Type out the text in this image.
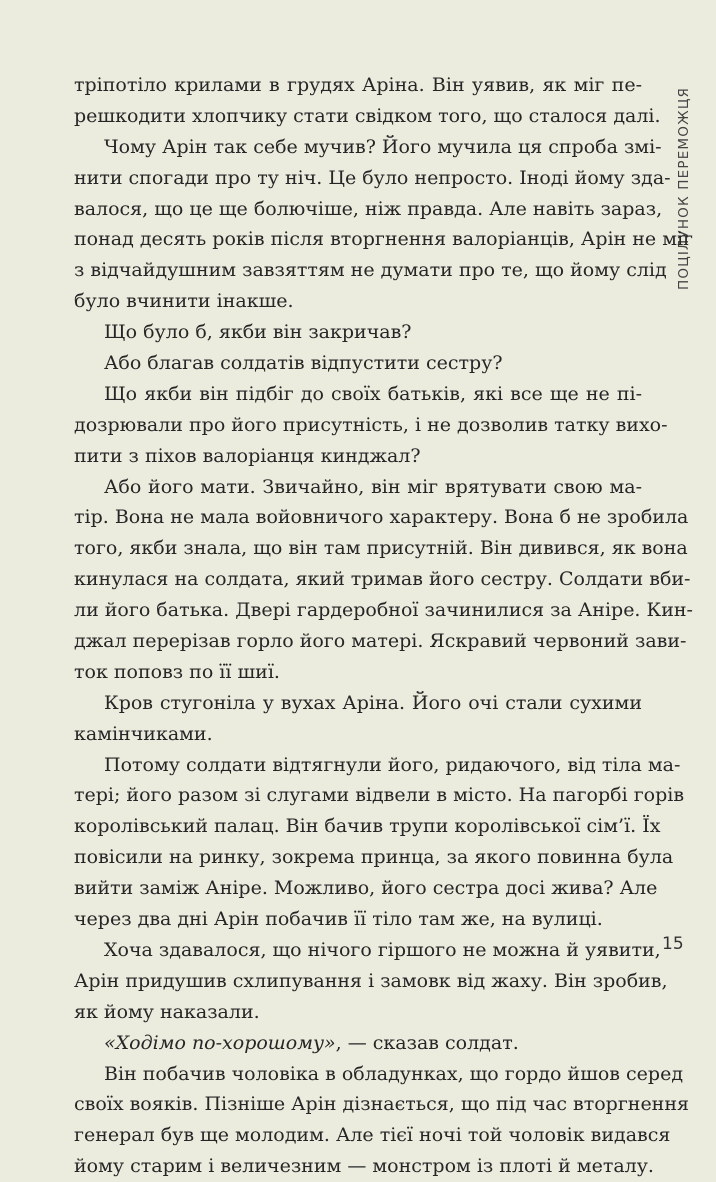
ПОЦІЛУНОК ПЕРЕМОЖЦЯ
тріпотіло крилами в грудях Аріна. Він уявив, як міг пе-
решкодити хлопчику стати свідком того, що сталося далі.
Чому Арін так себе мучив? Його мучила ця спроба змі-
нити спогади про ту ніч. Це було непросто. Іноді йому зда-
валося, що це ще болючіше, ніж правда. Але навіть зараз,
понад десять років після вторгнення валоріанців, Арін не міг
з відчайдушним завзяттям не думати про те, що йому слід
було вчинити інакше.
Що було б, якби він закричав?
Або благав солдатів відпустити сестру?
Що якби він підбіг до своїх батьків, які все ще не пі-
дозрювали про його присутність, і не дозволив татку вихо-
пити з піхов валоріанця кинджал?
Або його мати. Звичайно, він міг врятувати свою ма-
тір. Вона не мала войовничого характеру. Вона б не зробила
того, якби знала, що він там присутній. Він дивився, як вона
кинулася на солдата, який тримав його сестру. Солдати вби-
ли його батька. Двері гардеробної зачинилися за Аніре. Кин-
джал перерізав горло його матері. Яскравий червоний зави-
ток поповз по її шиї.
Кров стугоніла у вухах Аріна. Його очі стали сухими
камінчиками.
Потому солдати відтягнули його, ридаючого, від тіла ма-
тері; його разом зі слугами відвели в місто. На пагорбі горів
королівський палац. Він бачив трупи королівської сім’ї. Їх
повісили на ринку, зокрема принца, за якого повинна була
вийти заміж Аніре. Можливо, його сестра досі жива? Але
через два дні Арін побачив її тіло там же, на вулиці.
Хоча здавалося, що нічого гіршого не можна й уявити,
Арін придушив схлипування і замовк від жаху. Він зробив,
як йому наказали.
«Ходімо по-хорошому», — сказав солдат.
Він побачив чоловіка в обладунках, що гордо йшов серед
своїх вояків. Пізніше Арін дізнається, що під час вторгнення
генерал був ще молодим. Але тієї ночі той чоловік видався
йому старим і величезним — монстром із плоті й металу.
15
